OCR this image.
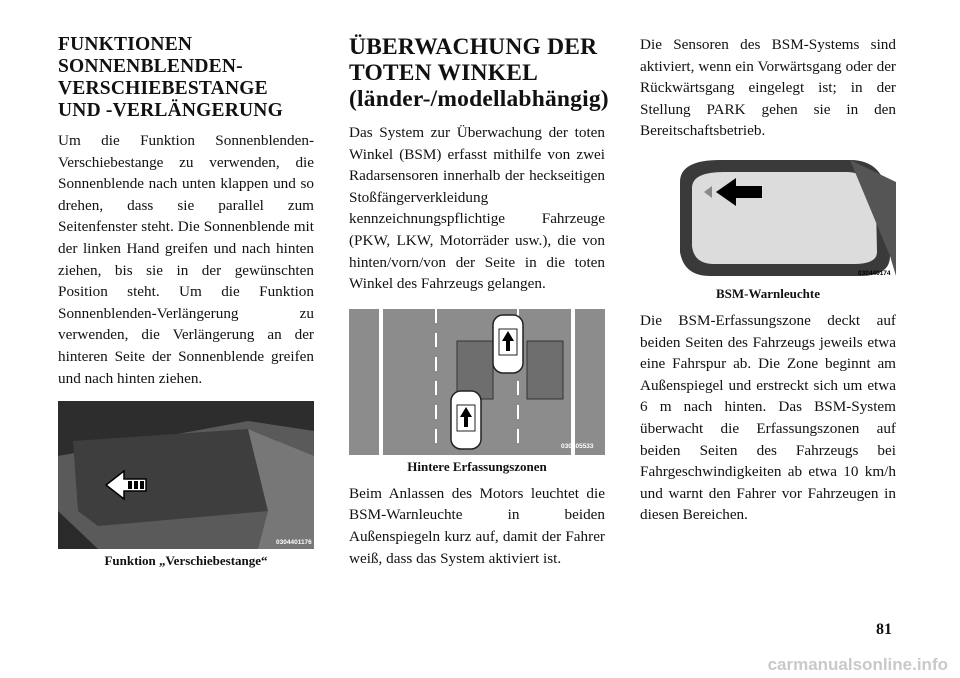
FUNKTIONEN SONNENBLENDEN-VERSCHIEBESTANGE UND -VERLÄNGERUNG

Um die Funktion Sonnenblenden-Verschiebestange zu verwenden, die Sonnenblende nach unten klappen und so drehen, dass sie parallel zum Seitenfenster steht. Die Sonnenblende mit der linken Hand greifen und nach hinten ziehen, bis sie in der gewünschten Position steht. Um die Funktion Sonnenblenden-Verlängerung zu verwenden, die Verlängerung an der hinteren Seite der Sonnenblende greifen und nach hinten ziehen.

0304401176
Funktion „Verschiebestange“
ÜBERWACHUNG DER TOTEN WINKEL (länder-/modellabhängig)

Das System zur Überwachung der toten Winkel (BSM) erfasst mithilfe von zwei Radarsensoren innerhalb der heckseitigen Stoßfängerverkleidung kennzeichnungspflichtige Fahrzeuge (PKW, LKW, Motorräder usw.), die von hinten/vorn/von der Seite in die toten Winkel des Fahrzeugs gelangen.

030405533
Hintere Erfassungszonen

Beim Anlassen des Motors leuchtet die BSM-Warnleuchte in beiden Außenspiegeln kurz auf, damit der Fahrer weiß, dass das System aktiviert ist.

Die Sensoren des BSM-Systems sind aktiviert, wenn ein Vorwärtsgang oder der Rückwärtsgang eingelegt ist; in der Stellung PARK gehen sie in den Bereitschaftsbetrieb.

030440174
BSM-Warnleuchte

Die BSM-Erfassungszone deckt auf beiden Seiten des Fahrzeugs jeweils etwa eine Fahrspur ab. Die Zone beginnt am Außenspiegel und erstreckt sich um etwa 6 m nach hinten. Das BSM-System überwacht die Erfassungszonen auf beiden Seiten des Fahrzeugs bei Fahrgeschwindigkeiten ab etwa 10 km/h und warnt den Fahrer vor Fahrzeugen in diesen Bereichen.

81
carmanualsonline.info
